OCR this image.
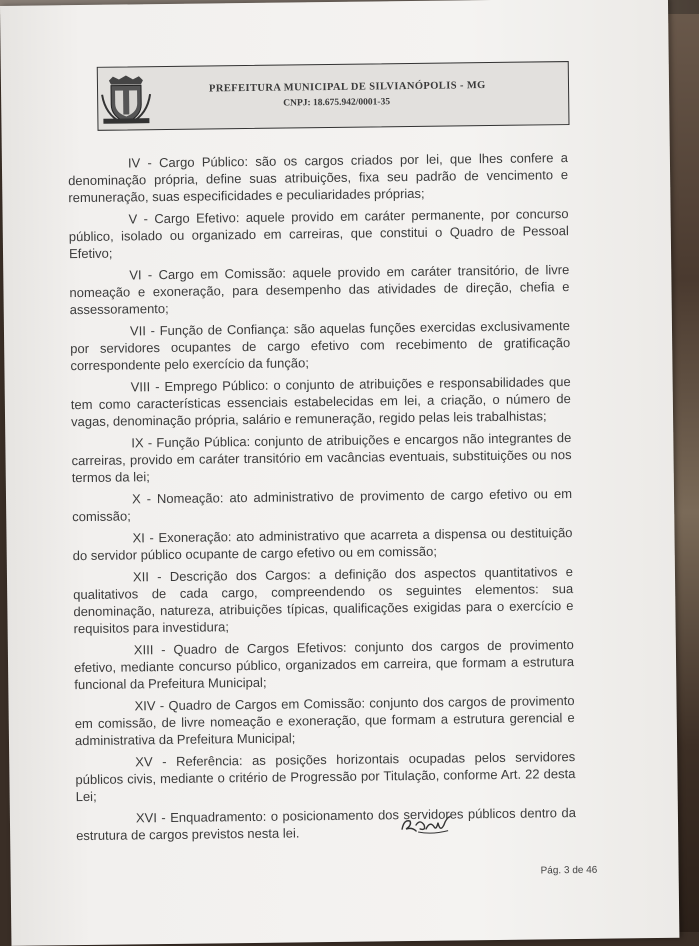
PREFEITURA MUNICIPAL DE SILVIANÓPOLIS - MG
CNPJ: 18.675.942/0001-35

IV - Cargo Público: são os cargos criados por lei, que lhes confere a denominação própria, define suas atribuições, fixa seu padrão de vencimento e remuneração, suas especificidades e peculiaridades próprias;

V - Cargo Efetivo: aquele provido em caráter permanente, por concurso público, isolado ou organizado em carreiras, que constitui o Quadro de Pessoal Efetivo;

VI - Cargo em Comissão: aquele provido em caráter transitório, de livre nomeação e exoneração, para desempenho das atividades de direção, chefia e assessoramento;

VII - Função de Confiança: são aquelas funções exercidas exclusivamente por servidores ocupantes de cargo efetivo com recebimento de gratificação correspondente pelo exercício da função;

VIII - Emprego Público: o conjunto de atribuições e responsabilidades que tem como características essenciais estabelecidas em lei, a criação, o número de vagas, denominação própria, salário e remuneração, regido pelas leis trabalhistas;

IX - Função Pública: conjunto de atribuições e encargos não integrantes de carreiras, provido em caráter transitório em vacâncias eventuais, substituições ou nos termos da lei;

X - Nomeação: ato administrativo de provimento de cargo efetivo ou em comissão;

XI - Exoneração: ato administrativo que acarreta a dispensa ou destituição do servidor público ocupante de cargo efetivo ou em comissão;

XII - Descrição dos Cargos: a definição dos aspectos quantitativos e qualitativos de cada cargo, compreendendo os seguintes elementos: sua denominação, natureza, atribuições típicas, qualificações exigidas para o exercício e requisitos para investidura;

XIII - Quadro de Cargos Efetivos: conjunto dos cargos de provimento efetivo, mediante concurso público, organizados em carreira, que formam a estrutura funcional da Prefeitura Municipal;

XIV - Quadro de Cargos em Comissão: conjunto dos cargos de provimento em comissão, de livre nomeação e exoneração, que formam a estrutura gerencial e administrativa da Prefeitura Municipal;

XV - Referência: as posições horizontais ocupadas pelos servidores públicos civis, mediante o critério de Progressão por Titulação, conforme Art. 22 desta Lei;

XVI - Enquadramento: o posicionamento dos servidores públicos dentro da estrutura de cargos previstos nesta lei.

Pág. 3 de 46
